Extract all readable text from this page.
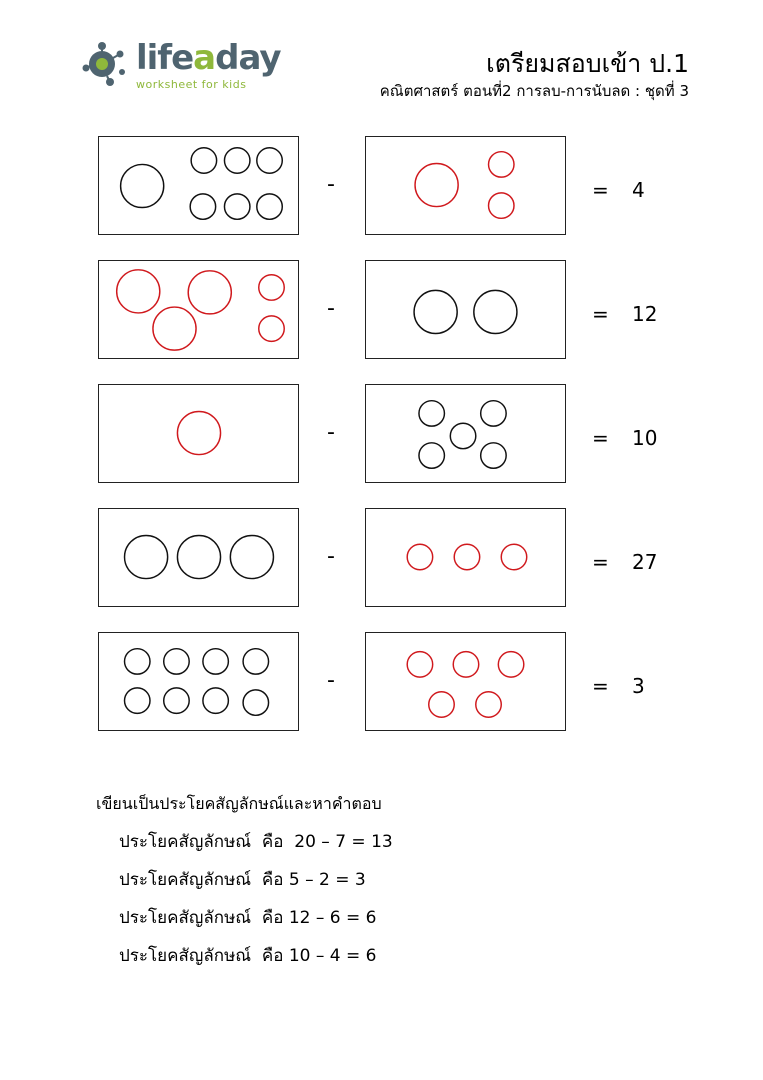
lifeaday
worksheet for kids
เตรียมสอบเข้า ป.1
คณิตศาสตร์ ตอนที่2 การลบ-การนับลด : ชุดที่ 3
-	= 4
-	= 12
-	= 10
-	= 27
-	= 3
เขียนเป็นประโยคสัญลักษณ์และหาคำตอบ
ประโยคสัญลักษณ์  คือ  20 – 7 = 13
ประโยคสัญลักษณ์  คือ 5 – 2 = 3
ประโยคสัญลักษณ์  คือ 12 – 6 = 6
ประโยคสัญลักษณ์  คือ 10 – 4 = 6
